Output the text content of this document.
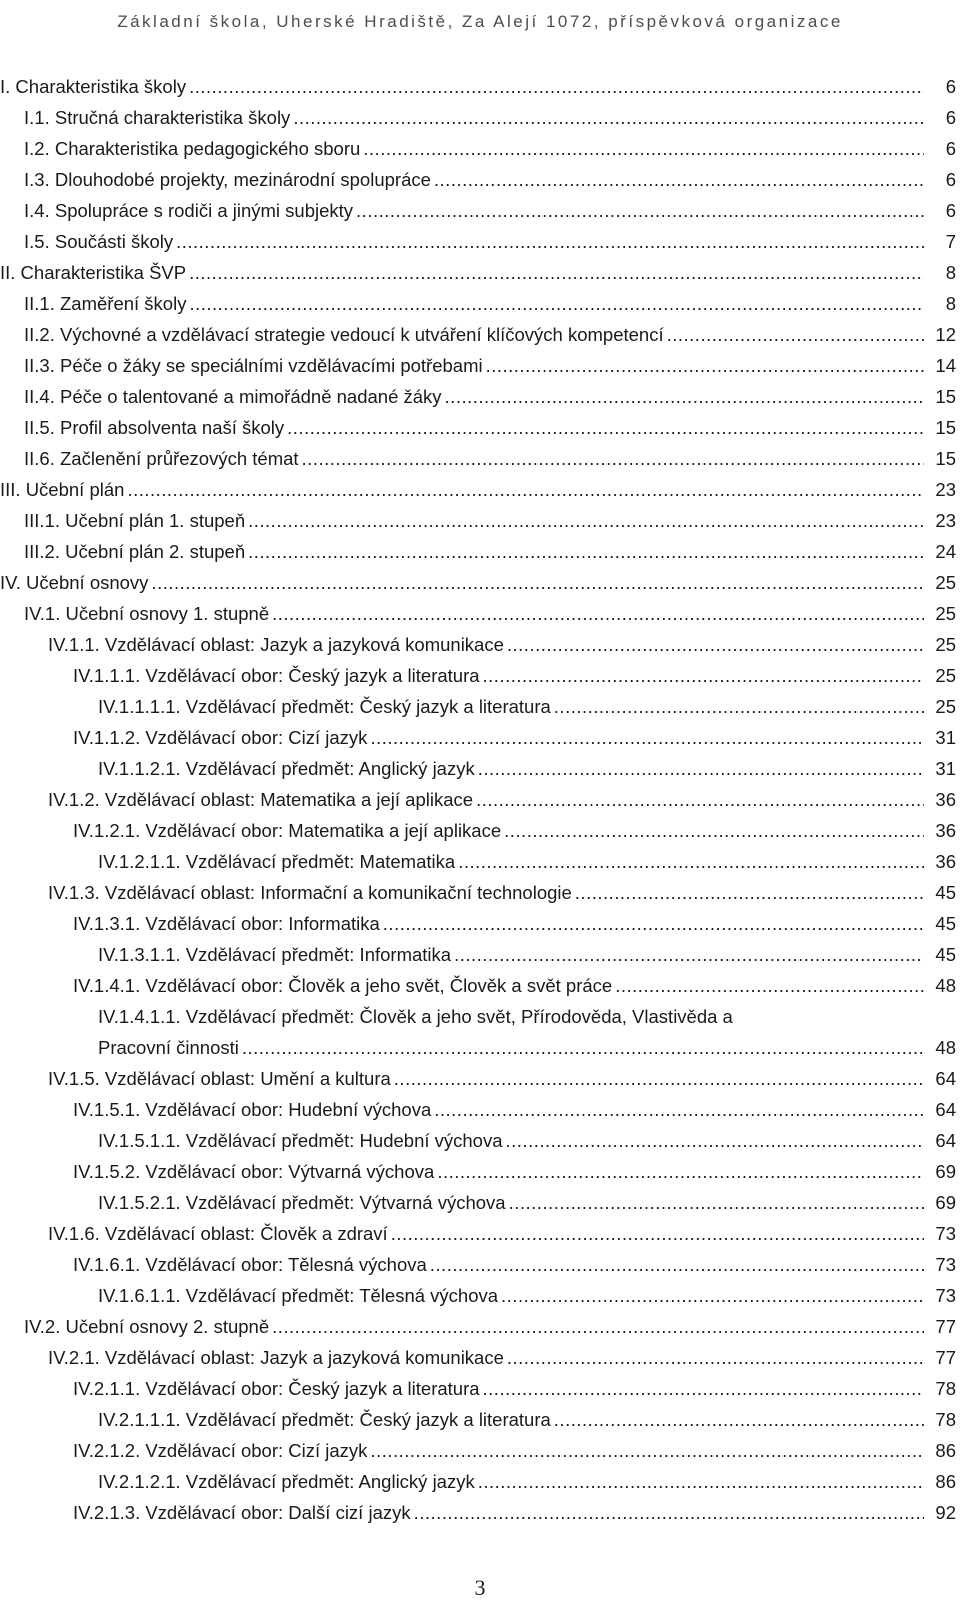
Základní škola, Uherské Hradiště, Za Alejí 1072, příspěvková organizace
I. Charakteristika školy .....	6
I.1. Stručná charakteristika školy .....	6
I.2. Charakteristika pedagogického sboru .....	6
I.3. Dlouhodobé projekty, mezinárodní spolupráce .....	6
I.4. Spolupráce s rodiči a jinými subjekty .....	6
I.5. Součásti školy .....	7
II. Charakteristika ŠVP .....	8
II.1. Zaměření školy .....	8
II.2. Výchovné a vzdělávací strategie vedoucí k utváření klíčových kompetencí .....	12
II.3. Péče o žáky se speciálními vzdělávacími potřebami .....	14
II.4. Péče o talentované a mimořádně nadané žáky .....	15
II.5. Profil absolventa naší školy .....	15
II.6. Začlenění průřezových témat .....	15
III. Učební plán .....	23
III.1. Učební plán 1. stupeň .....	23
III.2. Učební plán 2. stupeň .....	24
IV. Učební osnovy .....	25
IV.1. Učební osnovy 1. stupně .....	25
IV.1.1. Vzdělávací oblast: Jazyk a jazyková komunikace .....	25
IV.1.1.1. Vzdělávací obor: Český jazyk a literatura .....	25
IV.1.1.1.1. Vzdělávací předmět: Český jazyk a literatura .....	25
IV.1.1.2. Vzdělávací obor: Cizí jazyk .....	31
IV.1.1.2.1. Vzdělávací předmět: Anglický jazyk .....	31
IV.1.2. Vzdělávací oblast: Matematika a její aplikace .....	36
IV.1.2.1. Vzdělávací obor: Matematika a její aplikace .....	36
IV.1.2.1.1. Vzdělávací předmět: Matematika .....	36
IV.1.3. Vzdělávací oblast: Informační a komunikační technologie .....	45
IV.1.3.1. Vzdělávací obor: Informatika .....	45
IV.1.3.1.1. Vzdělávací předmět: Informatika .....	45
IV.1.4.1. Vzdělávací obor: Člověk a jeho svět, Člověk a svět práce .....	48
IV.1.4.1.1. Vzdělávací předmět: Člověk a jeho svět, Přírodověda, Vlastivěda a
Pracovní činnosti .....	48
IV.1.5. Vzdělávací oblast: Umění a kultura .....	64
IV.1.5.1. Vzdělávací obor: Hudební výchova .....	64
IV.1.5.1.1. Vzdělávací předmět: Hudební výchova .....	64
IV.1.5.2. Vzdělávací obor: Výtvarná výchova .....	69
IV.1.5.2.1. Vzdělávací předmět: Výtvarná výchova .....	69
IV.1.6. Vzdělávací oblast: Člověk a zdraví .....	73
IV.1.6.1. Vzdělávací obor: Tělesná výchova .....	73
IV.1.6.1.1. Vzdělávací předmět: Tělesná výchova .....	73
IV.2. Učební osnovy 2. stupně .....	77
IV.2.1. Vzdělávací oblast: Jazyk a jazyková komunikace .....	77
IV.2.1.1. Vzdělávací obor: Český jazyk a literatura .....	78
IV.2.1.1.1. Vzdělávací předmět: Český jazyk a literatura .....	78
IV.2.1.2. Vzdělávací obor: Cizí jazyk .....	86
IV.2.1.2.1. Vzdělávací předmět: Anglický jazyk .....	86
IV.2.1.3. Vzdělávací obor: Další cizí jazyk .....	92
3
